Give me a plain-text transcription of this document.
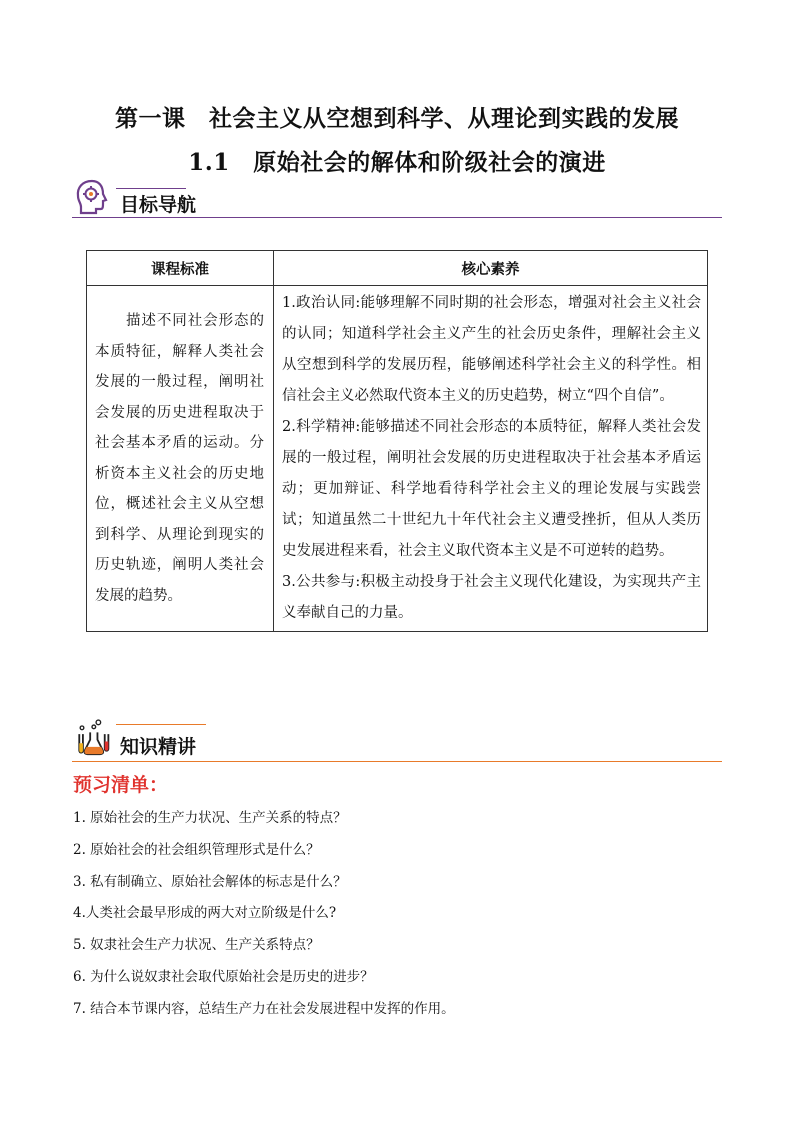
第一课　社会主义从空想到科学、从理论到实践的发展
1.1　原始社会的解体和阶级社会的演进
目标导航
课程标准	核心素养
描述不同社会形态的本质特征，解释人类社会发展的一般过程，阐明社会发展的历史进程取决于社会基本矛盾的运动。分析资本主义社会的历史地位，概述社会主义从空想到科学、从理论到现实的历史轨迹，阐明人类社会发展的趋势。	1.政治认同:能够理解不同时期的社会形态，增强对社会主义社会的认同；知道科学社会主义产生的社会历史条件，理解社会主义从空想到科学的发展历程，能够阐述科学社会主义的科学性。相信社会主义必然取代资本主义的历史趋势，树立“四个自信”。

2.科学精神:能够描述不同社会形态的本质特征，解释人类社会发展的一般过程，阐明社会发展的历史进程取决于社会基本矛盾运动；更加辩证、科学地看待科学社会主义的理论发展与实践尝试；知道虽然二十世纪九十年代社会主义遭受挫折，但从人类历史发展进程来看，社会主义取代资本主义是不可逆转的趋势。

3.公共参与:积极主动投身于社会主义现代化建设，为实现共产主义奉献自己的力量。

知识精讲
预习清单：
1. 原始社会的生产力状况、生产关系的特点？
2. 原始社会的社会组织管理形式是什么？
3. 私有制确立、原始社会解体的标志是什么？
4.人类社会最早形成的两大对立阶级是什么?
5. 奴隶社会生产力状况、生产关系特点？
6. 为什么说奴隶社会取代原始社会是历史的进步？
7. 结合本节课内容，总结生产力在社会发展进程中发挥的作用。
